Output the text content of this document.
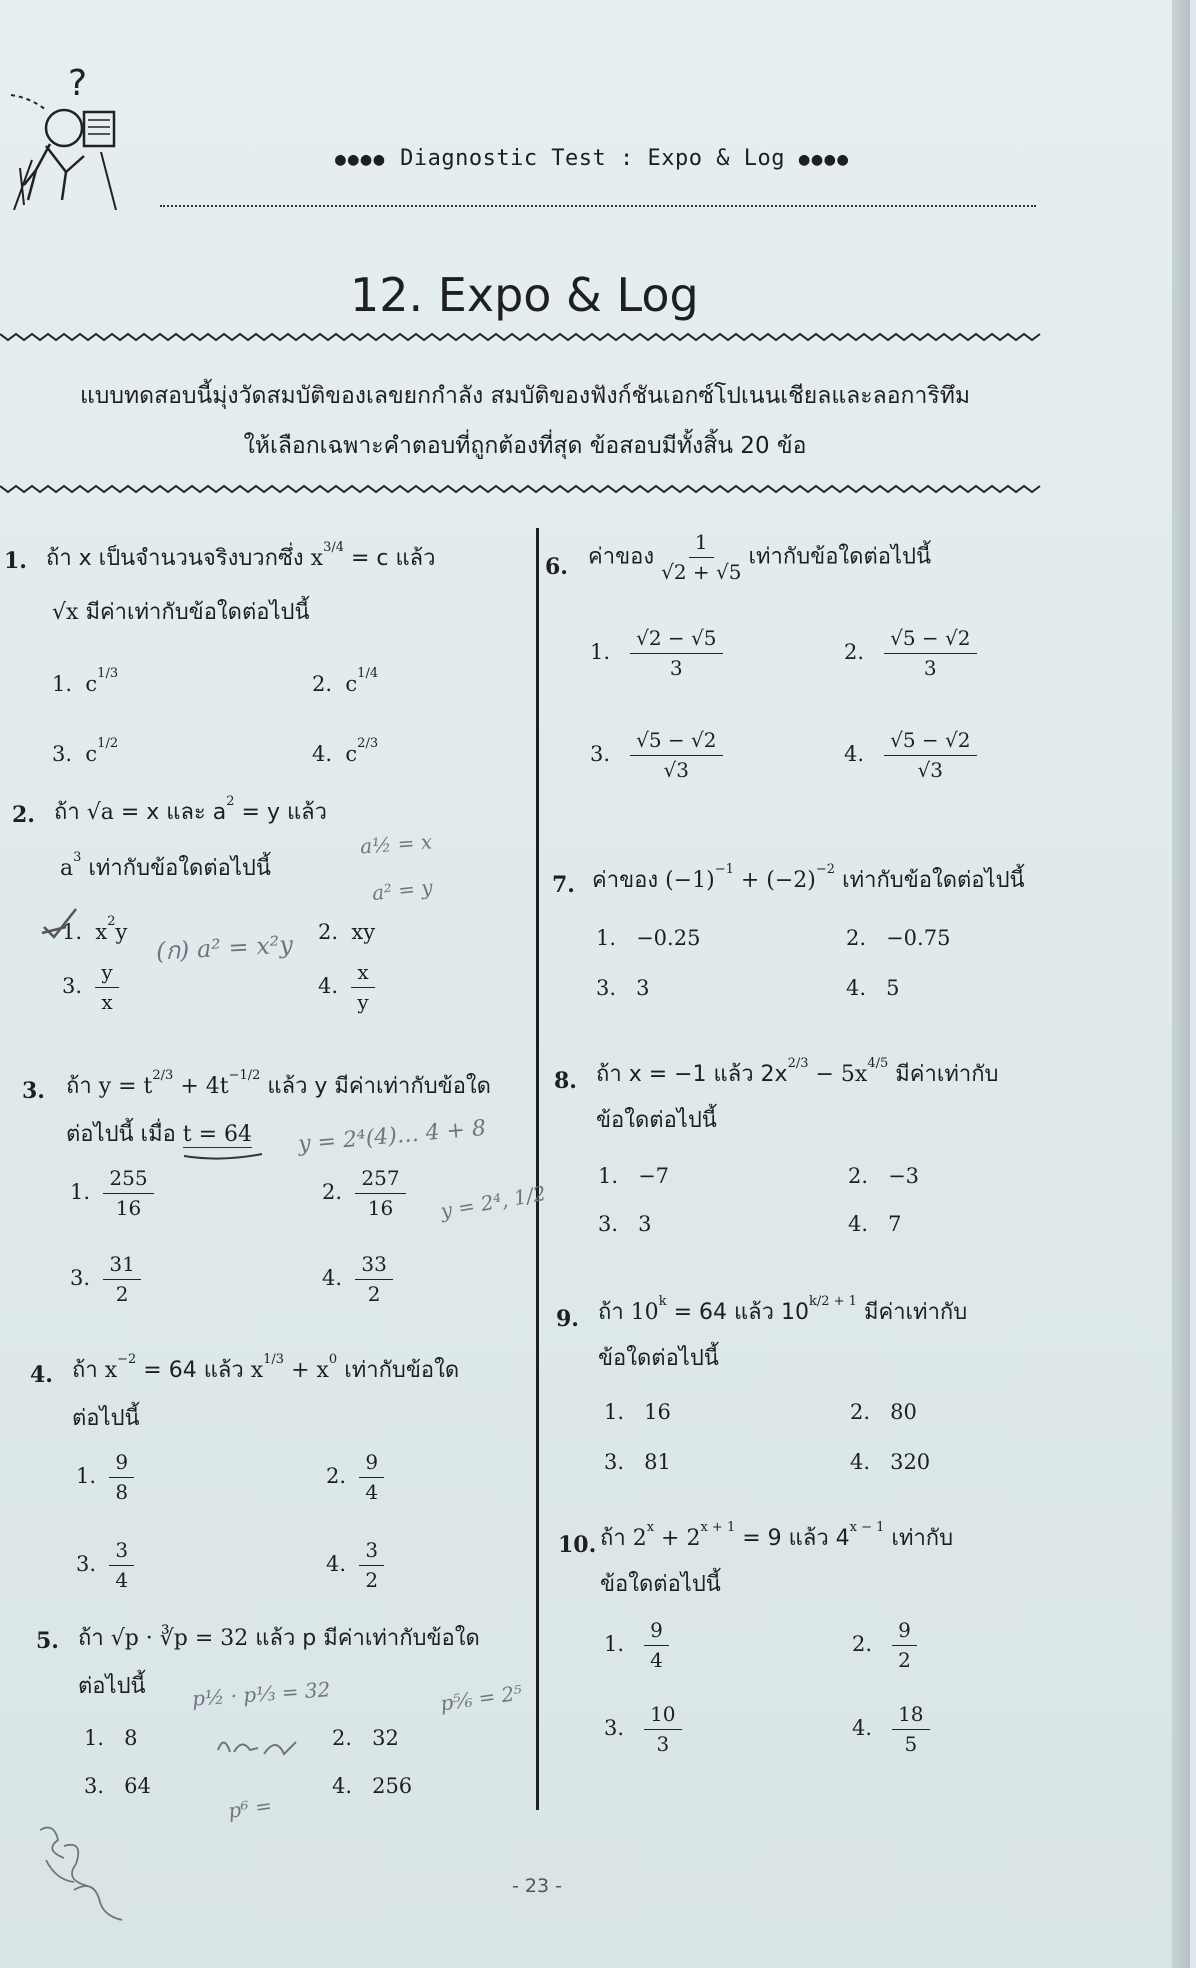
?
●●●● Diagnostic Test : Expo & Log ●●●●
12. Expo & Log
แบบทดสอบนี้มุ่งวัดสมบัติของเลขยกกำลัง สมบัติของฟังก์ชันเอกซ์โปเนนเชียลและลอการิทึม
ให้เลือกเฉพาะคำตอบที่ถูกต้องที่สุด ข้อสอบมีทั้งสิ้น 20 ข้อ
1. ถ้า x เป็นจำนวนจริงบวกซึ่ง $x^{3/4} = c$ แล้ว
√x มีค่าเท่ากับข้อใดต่อไปนี้
1. $c^{1/3}$	2. $c^{1/4}$
3. $c^{1/2}$	4. $c^{2/3}$
2. ถ้า √a = x และ $a^2 = y$ แล้ว
$a^3$ เท่ากับข้อใดต่อไปนี้
1. $x^2y$	2. xy
3. $\frac{y}{x}$	4. $\frac{x}{y}$
3. ถ้า $y = t^{2/3} + 4t^{-1/2}$ แล้ว y มีค่าเท่ากับข้อใด
ต่อไปนี้ เมื่อ t = 64
1. $\frac{255}{16}$	2. $\frac{257}{16}$
3. $\frac{31}{2}$	4. $\frac{33}{2}$
4. ถ้า $x^{-2} = 64$ แล้ว $x^{1/3} + x^0$ เท่ากับข้อใด
ต่อไปนี้
1. $\frac{9}{8}$	2. $\frac{9}{4}$
3. $\frac{3}{4}$	4. $\frac{3}{2}$
5. ถ้า √p · ∛p = 32 แล้ว p มีค่าเท่ากับข้อใด
ต่อไปนี้
1. 8	2. 32
3. 64	4. 256
6. ค่าของ $\frac{1}{√2 + √5}$ เท่ากับข้อใดต่อไปนี้
1. $\frac{√2 - √5}{3}$	2. $\frac{√5 - √2}{3}$
3. $\frac{√5 - √2}{√3}$	4. $\frac{√5 - √2}{√3}$
7. ค่าของ $(-1)^{-1} + (-2)^{-2}$ เท่ากับข้อใดต่อไปนี้
1. −0.25	2. −0.75
3. 3	4. 5
8. ถ้า x = −1 แล้ว $2x^{2/3} - 5x^{4/5}$ มีค่าเท่ากับ
ข้อใดต่อไปนี้
1. −7	2. −3
3. 3	4. 7
9. ถ้า $10^k = 64$ แล้ว $10^{k/2 + 1}$ มีค่าเท่ากับ
ข้อใดต่อไปนี้
1. 16	2. 80
3. 81	4. 320
10. ถ้า $2^x + 2^{x + 1} = 9$ แล้ว $4^{x - 1}$ เท่ากับ
ข้อใดต่อไปนี้
1. $\frac{9}{4}$	2. $\frac{9}{2}$
3. $\frac{10}{3}$	4. $\frac{18}{5}$
a½ = x
a² = y
(ก) a² = x²y
y = 2⁴(4)… 4 + 8
y = 2⁴, 1/2
p½ · p⅓ = 32	p⅚ = 2⁵
p⁶ =
- 23 -
